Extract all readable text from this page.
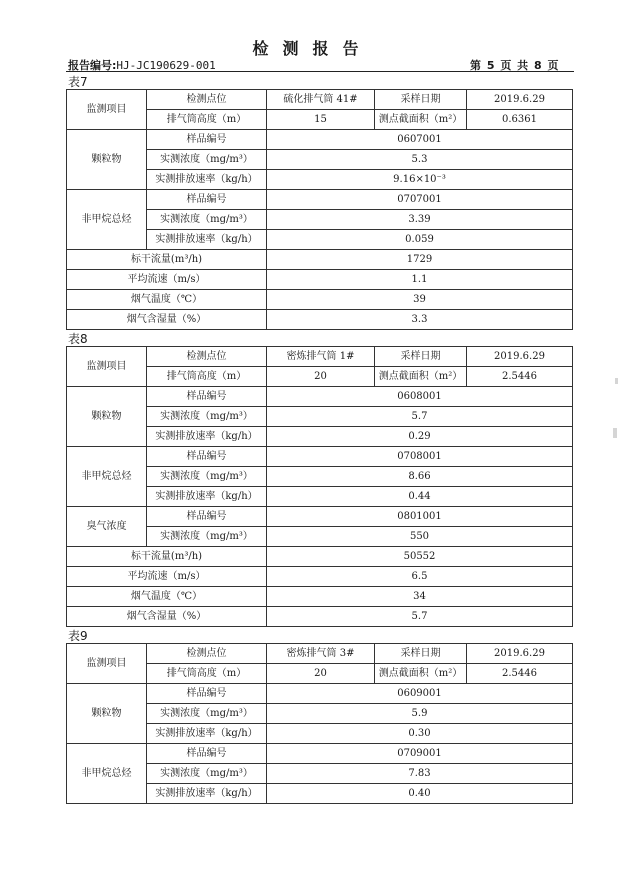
检测报告
报告编号:HJ-JC190629-001	第 5 页 共 8 页
表7
监测项目	检测点位	硫化排气筒 41#	采样日期	2019.6.29
	排气筒高度（m）	15	测点截面积（m²）	0.6361
颗粒物	样品编号	0607001		
	实测浓度（mg/m³）	5.3		
	实测排放速率（kg/h）	9.16×10⁻³		
非甲烷总烃	样品编号	0707001		
	实测浓度（mg/m³）	3.39		
	实测排放速率（kg/h）	0.059		
标干流量(m³/h)		1729		
平均流速（m/s）		1.1		
烟气温度（℃）		39		
烟气含湿量（%）		3.3		
表8
监测项目	检测点位	密炼排气筒 1#	采样日期	2019.6.29
	排气筒高度（m）	20	测点截面积（m²）	2.5446
颗粒物	样品编号	0608001		
	实测浓度（mg/m³）	5.7		
	实测排放速率（kg/h）	0.29		
非甲烷总烃	样品编号	0708001		
	实测浓度（mg/m³）	8.66		
	实测排放速率（kg/h）	0.44		
臭气浓度	样品编号	0801001		
	实测浓度（mg/m³）	550		
标干流量(m³/h)		50552		
平均流速（m/s）		6.5		
烟气温度（℃）		34		
烟气含湿量（%）		5.7		
表9
监测项目	检测点位	密炼排气筒 3#	采样日期	2019.6.29
	排气筒高度（m）	20	测点截面积（m²）	2.5446
颗粒物	样品编号	0609001		
	实测浓度（mg/m³）	5.9		
	实测排放速率（kg/h）	0.30		
非甲烷总烃	样品编号	0709001		
	实测浓度（mg/m³）	7.83		
	实测排放速率（kg/h）	0.40		
